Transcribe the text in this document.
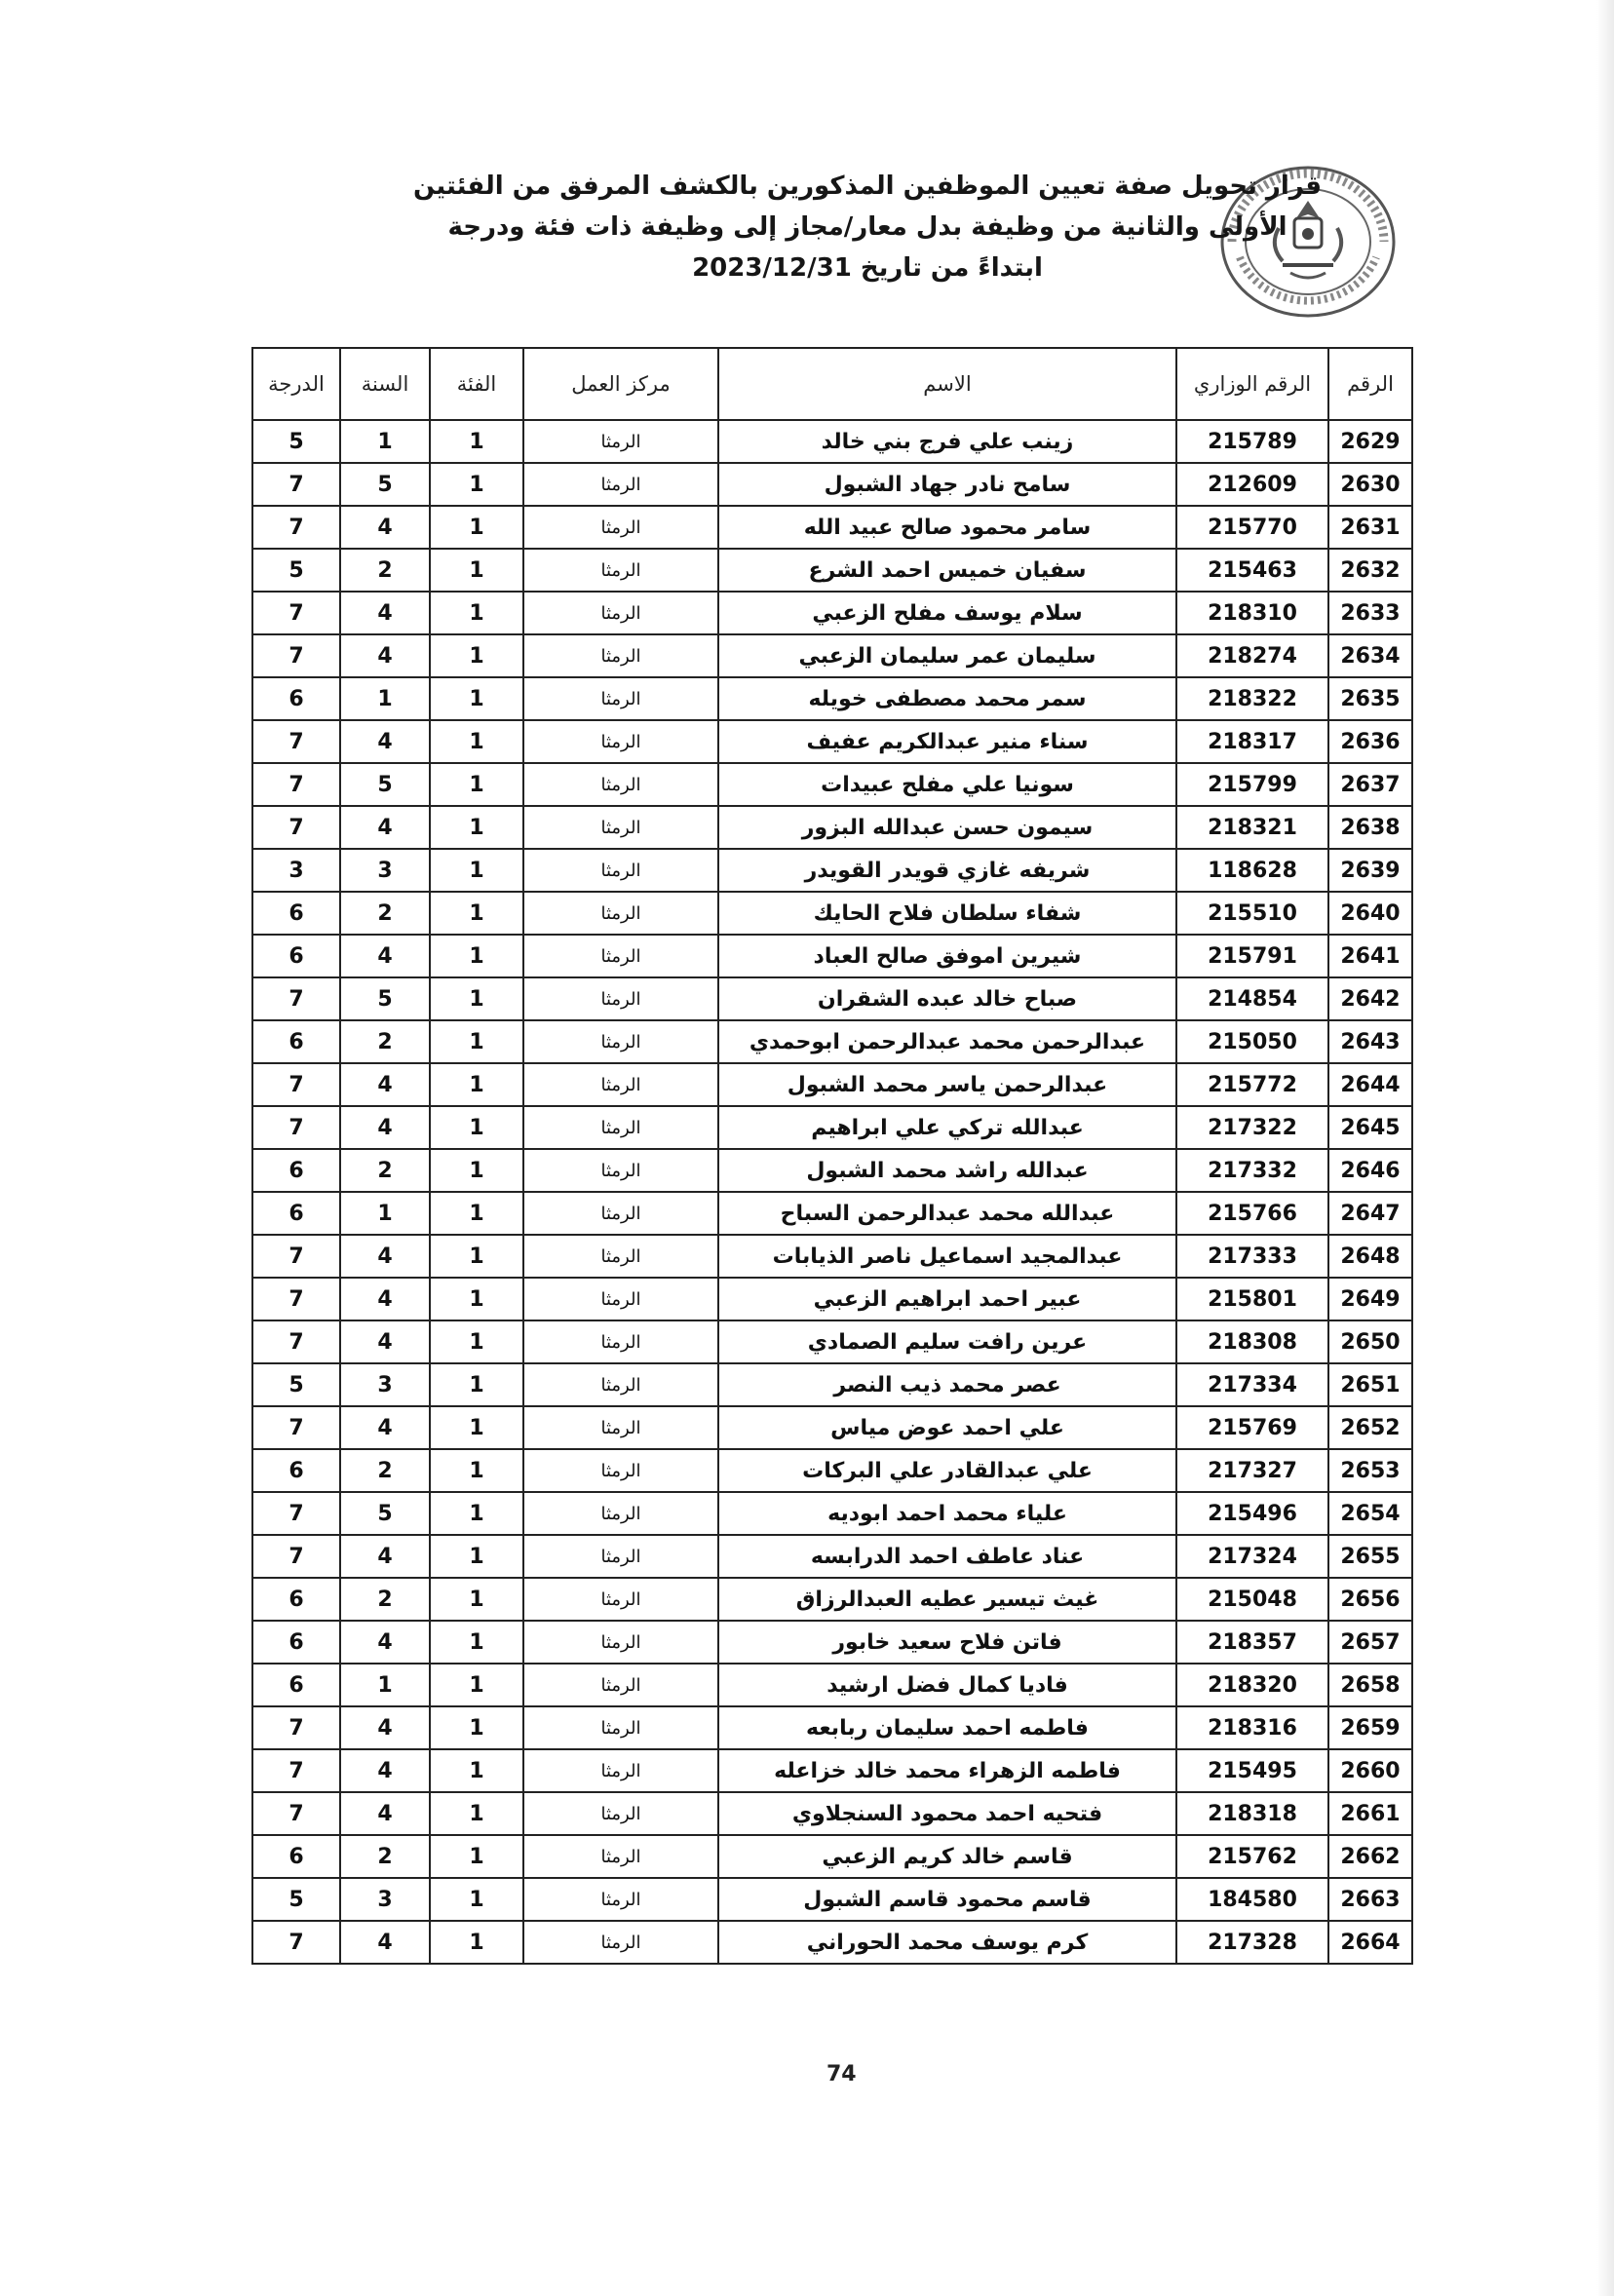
قرار تحويل صفة تعيين الموظفين المذكورين بالكشف المرفق من الفئتين
الأولى والثانية من وظيفة بدل معار/مجاز إلى وظيفة ذات فئة ودرجة
ابتداءً من تاريخ 2023/12/31
الرقم	الرقم الوزاري	الاسم	مركز العمل	الفئة	السنة	الدرجة
2629	215789	زينب علي فرج بني خالد	الرمثا	1	1	5
2630	212609	سامح نادر جهاد الشبول	الرمثا	1	5	7
2631	215770	سامر محمود صالح عبيد الله	الرمثا	1	4	7
2632	215463	سفيان خميس احمد الشرع	الرمثا	1	2	5
2633	218310	سلام يوسف مفلح الزعبي	الرمثا	1	4	7
2634	218274	سليمان عمر سليمان الزعبي	الرمثا	1	4	7
2635	218322	سمر محمد مصطفى خويله	الرمثا	1	1	6
2636	218317	سناء منير عبدالكريم عفيف	الرمثا	1	4	7
2637	215799	سونيا علي مفلح عبيدات	الرمثا	1	5	7
2638	218321	سيمون حسن عبدالله البزور	الرمثا	1	4	7
2639	118628	شريفه غازي قويدر القويدر	الرمثا	1	3	3
2640	215510	شفاء سلطان فلاح الحايك	الرمثا	1	2	6
2641	215791	شيرين اموفق صالح العباد	الرمثا	1	4	6
2642	214854	صباح خالد عبده الشقران	الرمثا	1	5	7
2643	215050	عبدالرحمن محمد عبدالرحمن ابوحمدي	الرمثا	1	2	6
2644	215772	عبدالرحمن ياسر محمد الشبول	الرمثا	1	4	7
2645	217322	عبدالله تركي علي ابراهيم	الرمثا	1	4	7
2646	217332	عبدالله راشد محمد الشبول	الرمثا	1	2	6
2647	215766	عبدالله محمد عبدالرحمن السباح	الرمثا	1	1	6
2648	217333	عبدالمجيد اسماعيل ناصر الذيابات	الرمثا	1	4	7
2649	215801	عبير احمد ابراهيم الزعبي	الرمثا	1	4	7
2650	218308	عرين رافت سليم الصمادي	الرمثا	1	4	7
2651	217334	عصر محمد ذيب النصر	الرمثا	1	3	5
2652	215769	علي احمد عوض مياس	الرمثا	1	4	7
2653	217327	علي عبدالقادر علي البركات	الرمثا	1	2	6
2654	215496	علياء محمد احمد ابوديه	الرمثا	1	5	7
2655	217324	عناد عاطف احمد الدرابسه	الرمثا	1	4	7
2656	215048	غيث تيسير عطيه العبدالرزاق	الرمثا	1	2	6
2657	218357	فاتن فلاح سعيد خابور	الرمثا	1	4	6
2658	218320	فاديا كمال فضل ارشيد	الرمثا	1	1	6
2659	218316	فاطمه احمد سليمان ربابعه	الرمثا	1	4	7
2660	215495	فاطمه الزهراء محمد خالد خزاعله	الرمثا	1	4	7
2661	218318	فتحيه احمد محمود السنجلاوي	الرمثا	1	4	7
2662	215762	قاسم خالد كريم الزعبي	الرمثا	1	2	6
2663	184580	قاسم محمود قاسم الشبول	الرمثا	1	3	5
2664	217328	كرم يوسف محمد الحوراني	الرمثا	1	4	7
74
